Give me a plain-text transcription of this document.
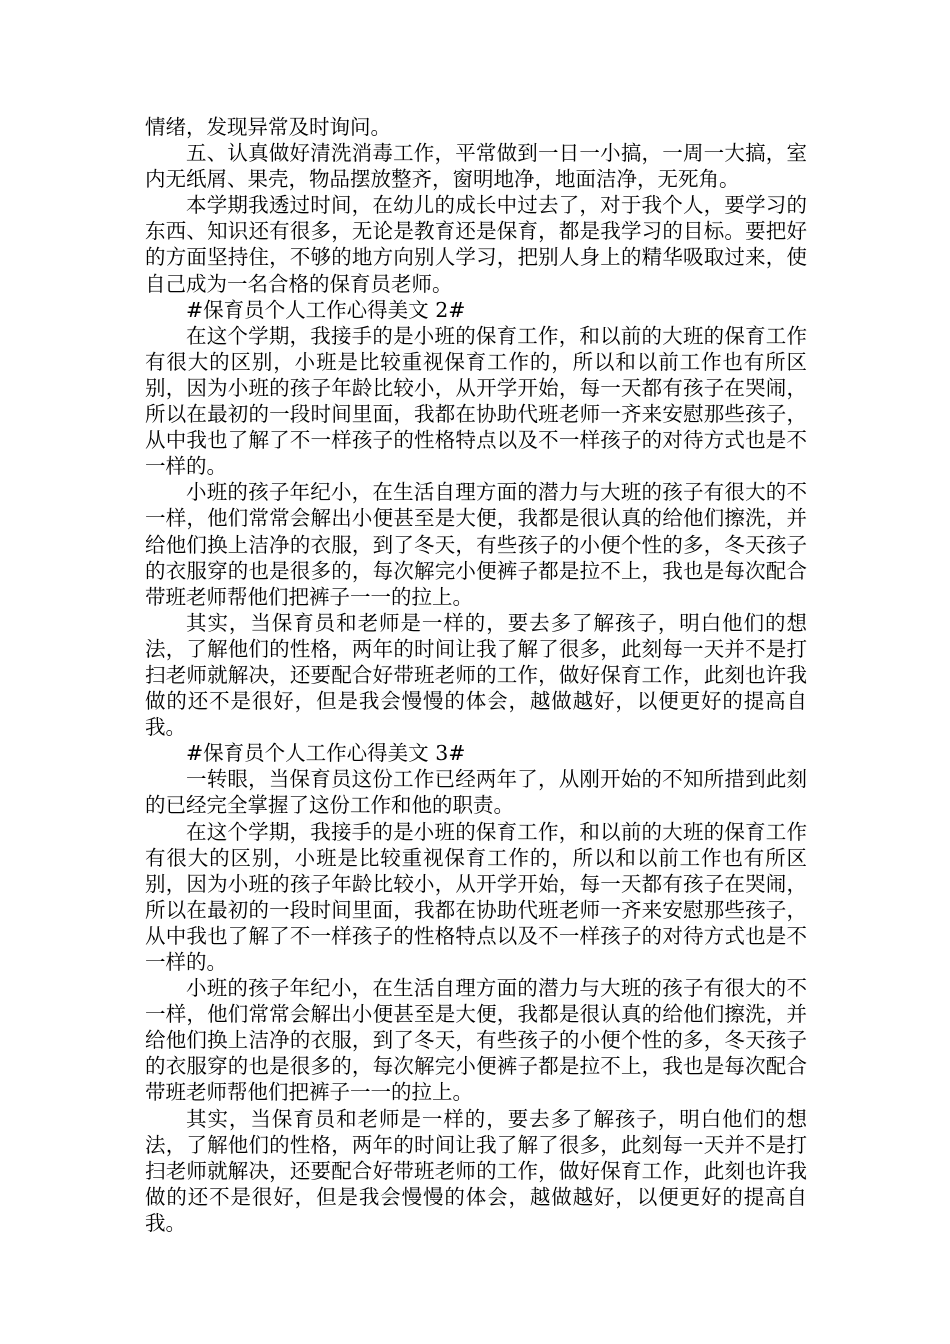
情绪，发现异常及时询问。

五、认真做好清洗消毒工作，平常做到一日一小搞，一周一大搞，室内无纸屑、果壳，物品摆放整齐，窗明地净，地面洁净，无死角。

本学期我透过时间，在幼儿的成长中过去了，对于我个人，要学习的东西、知识还有很多，无论是教育还是保育，都是我学习的目标。要把好的方面坚持住，不够的地方向别人学习，把别人身上的精华吸取过来，使自己成为一名合格的保育员老师。

#保育员个人工作心得美文 2#

在这个学期，我接手的是小班的保育工作，和以前的大班的保育工作有很大的区别，小班是比较重视保育工作的，所以和以前工作也有所区别，因为小班的孩子年龄比较小，从开学开始，每一天都有孩子在哭闹，所以在最初的一段时间里面，我都在协助代班老师一齐来安慰那些孩子，从中我也了解了不一样孩子的性格特点以及不一样孩子的对待方式也是不一样的。

小班的孩子年纪小，在生活自理方面的潜力与大班的孩子有很大的不一样，他们常常会解出小便甚至是大便，我都是很认真的给他们擦洗，并给他们换上洁净的衣服，到了冬天，有些孩子的小便个性的多，冬天孩子的衣服穿的也是很多的，每次解完小便裤子都是拉不上，我也是每次配合带班老师帮他们把裤子一一的拉上。

其实，当保育员和老师是一样的，要去多了解孩子，明白他们的想法，了解他们的性格，两年的时间让我了解了很多，此刻每一天并不是打扫老师就解决，还要配合好带班老师的工作，做好保育工作，此刻也许我做的还不是很好，但是我会慢慢的体会，越做越好，以便更好的提高自我。

#保育员个人工作心得美文 3#

一转眼，当保育员这份工作已经两年了，从刚开始的不知所措到此刻的已经完全掌握了这份工作和他的职责。

在这个学期，我接手的是小班的保育工作，和以前的大班的保育工作有很大的区别，小班是比较重视保育工作的，所以和以前工作也有所区别，因为小班的孩子年龄比较小，从开学开始，每一天都有孩子在哭闹，所以在最初的一段时间里面，我都在协助代班老师一齐来安慰那些孩子，从中我也了解了不一样孩子的性格特点以及不一样孩子的对待方式也是不一样的。

小班的孩子年纪小，在生活自理方面的潜力与大班的孩子有很大的不一样，他们常常会解出小便甚至是大便，我都是很认真的给他们擦洗，并给他们换上洁净的衣服，到了冬天，有些孩子的小便个性的多，冬天孩子的衣服穿的也是很多的，每次解完小便裤子都是拉不上，我也是每次配合带班老师帮他们把裤子一一的拉上。

其实，当保育员和老师是一样的，要去多了解孩子，明白他们的想法，了解他们的性格，两年的时间让我了解了很多，此刻每一天并不是打扫老师就解决，还要配合好带班老师的工作，做好保育工作，此刻也许我做的还不是很好，但是我会慢慢的体会，越做越好，以便更好的提高自我。
